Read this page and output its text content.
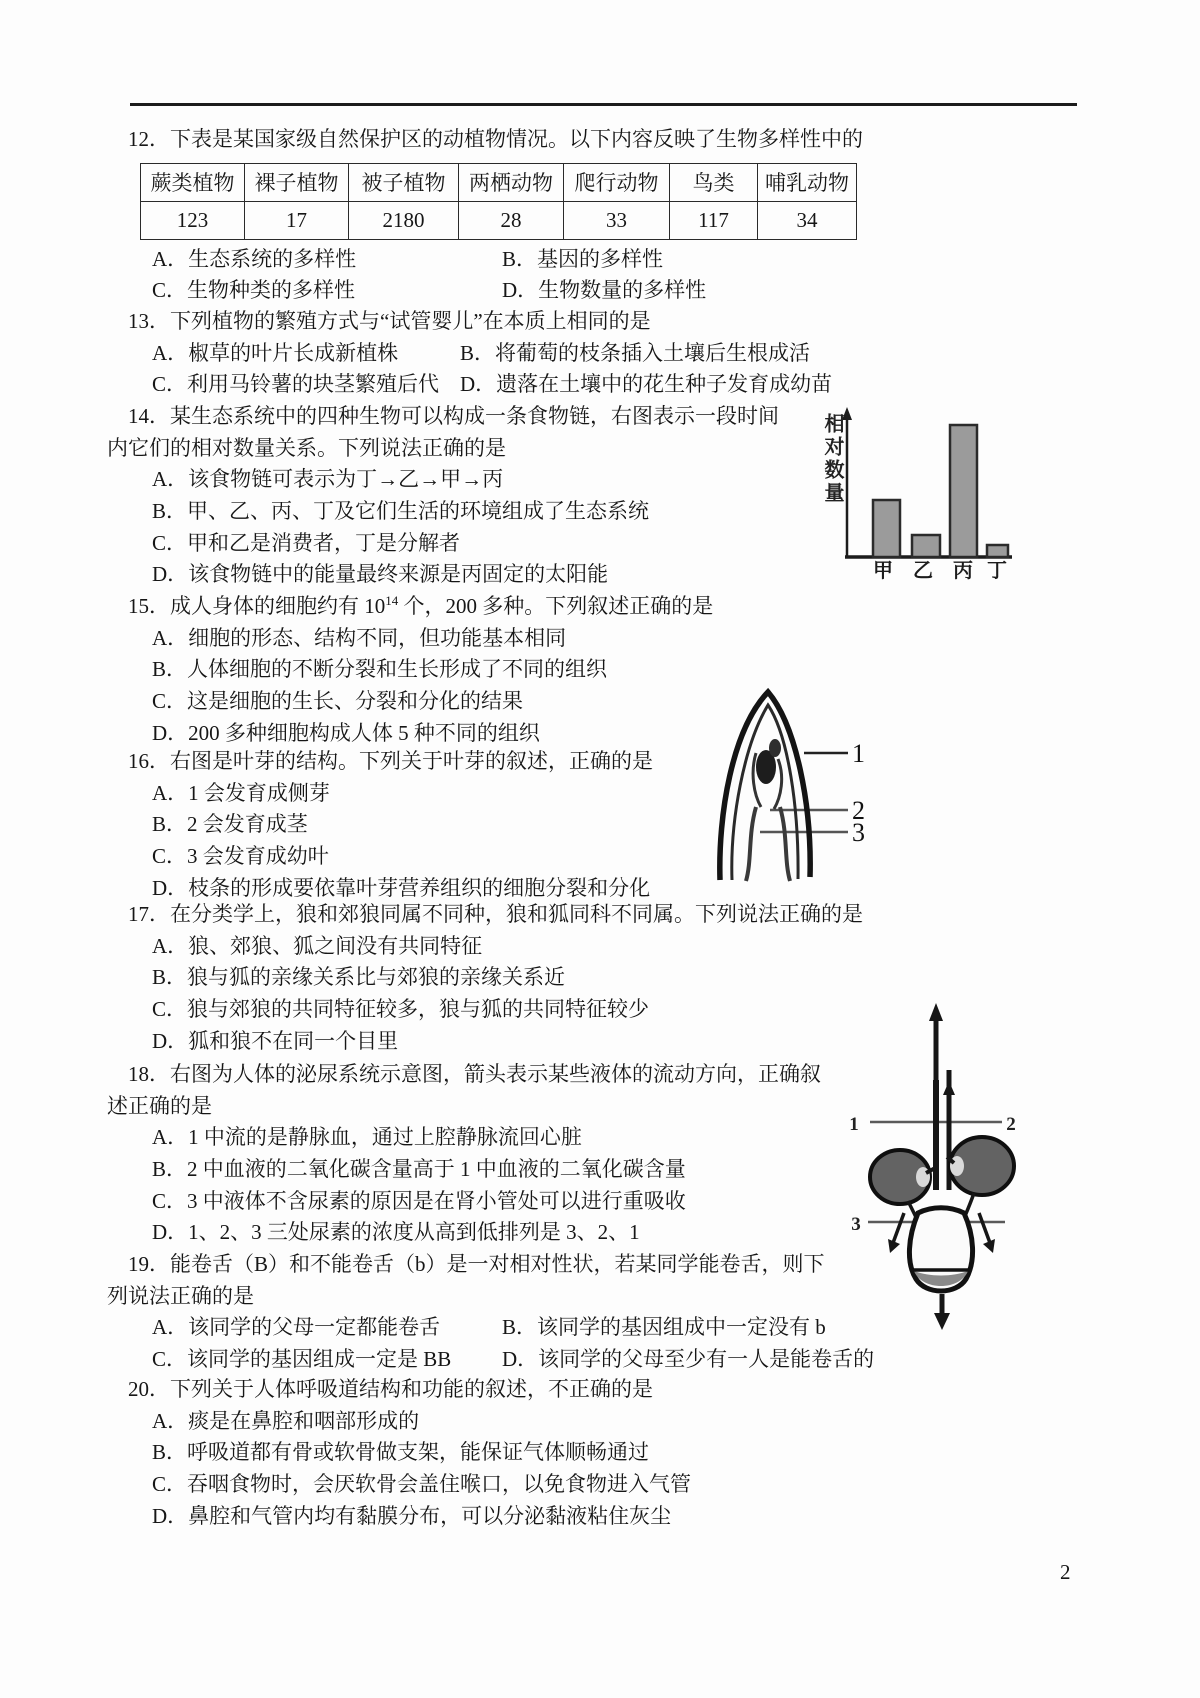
12．下表是某国家级自然保护区的动植物情况。以下内容反映了生物多样性中的
蕨类植物	裸子植物	被子植物	两栖动物	爬行动物	鸟类	哺乳动物
123	17	2180	28	33	117	34
A．生态系统的多样性	B．基因的多样性
C．生物种类的多样性	D．生物数量的多样性
13．下列植物的繁殖方式与“试管婴儿”在本质上相同的是
A．椒草的叶片长成新植株	B．将葡萄的枝条插入土壤后生根成活
C．利用马铃薯的块茎繁殖后代 D．遗落在土壤中的花生种子发育成幼苗
14．某生态系统中的四种生物可以构成一条食物链，右图表示一段时间
内它们的相对数量关系。下列说法正确的是
A．该食物链可表示为丁→乙→甲→丙
B．甲、乙、丙、丁及它们生活的环境组成了生态系统
C．甲和乙是消费者，丁是分解者
D．该食物链中的能量最终来源是丙固定的太阳能	甲 乙 丙 丁
相对数量
15．成人身体的细胞约有 $10^{14}$ 个，200 多种。下列叙述正确的是
A．细胞的形态、结构不同，但功能基本相同
B．人体细胞的不断分裂和生长形成了不同的组织
C．这是细胞的生长、分裂和分化的结果
D．200 多种细胞构成人体 5 种不同的组织
16．右图是叶芽的结构。下列关于叶芽的叙述，正确的是
A．1 会发育成侧芽
B．2 会发育成茎
C．3 会发育成幼叶
D．枝条的形成要依靠叶芽营养组织的细胞分裂和分化
1
2
3
17．在分类学上，狼和郊狼同属不同种，狼和狐同科不同属。下列说法正确的是
A．狼、郊狼、狐之间没有共同特征
B．狼与狐的亲缘关系比与郊狼的亲缘关系近
C．狼与郊狼的共同特征较多，狼与狐的共同特征较少
D．狐和狼不在同一个目里
18．右图为人体的泌尿系统示意图，箭头表示某些液体的流动方向，正确叙
述正确的是
A．1 中流的是静脉血，通过上腔静脉流回心脏
B．2 中血液的二氧化碳含量高于 1 中血液的二氧化碳含量
C．3 中液体不含尿素的原因是在肾小管处可以进行重吸收
D．1、2、3 三处尿素的浓度从高到低排列是 3、2、1
1	2
3
19．能卷舌（B）和不能卷舌（b）是一对相对性状，若某同学能卷舌，则下
列说法正确的是
A．该同学的父母一定都能卷舌	B．该同学的基因组成中一定没有 b
C．该同学的基因组成一定是 BB D．该同学的父母至少有一人是能卷舌的
20．下列关于人体呼吸道结构和功能的叙述，不正确的是
A．痰是在鼻腔和咽部形成的
B．呼吸道都有骨或软骨做支架，能保证气体顺畅通过
C．吞咽食物时，会厌软骨会盖住喉口，以免食物进入气管
D．鼻腔和气管内均有黏膜分布，可以分泌黏液粘住灰尘
2
